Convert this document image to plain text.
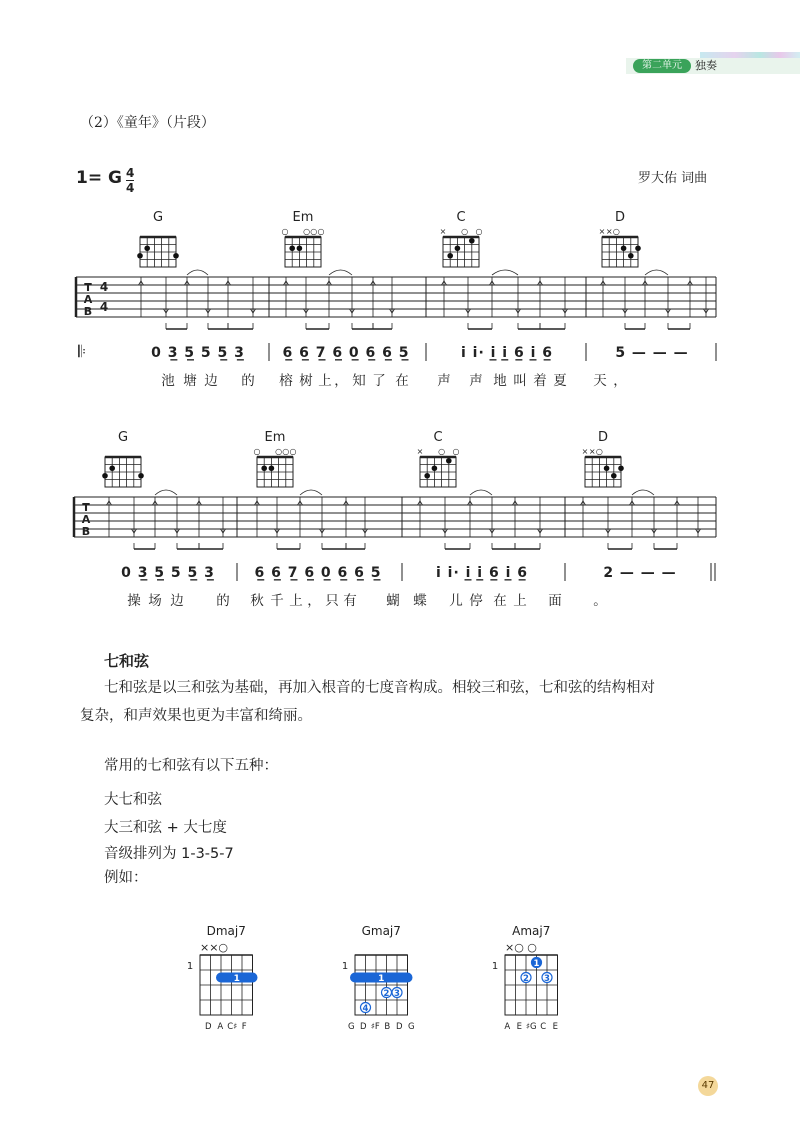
第二单元	独奏
（2）《童年》（片段）
1= G 4
4
罗大佑 词曲
G	Em
○ ○ ○ ○
C
× ○ ○
D
× × ○
T
A
B
4
4
𝄆	0 3̲ 5̲ 5 5̲ 3̲	6̲ 6̲ 7̲ 6̲ 0̲ 6̲ 6̲ 5̲	i i· i̲ i̲ 6̲ i̲ 6̲	5 — — —
池 塘 边 的 榕 树 上 ， 知 了 在 声 声 地 叫 着 夏 天 ，
G	Em
○ ○ ○ ○
C
× ○ ○
D
× × ○
T
A
B
0 3̲ 5̲ 5 5̲ 3̲	6̲ 6̲ 7̲ 6̲ 0̲ 6̲ 6̲ 5̲	i i· i̲ i̲ 6̲ i̲ 6̲	2 — — —
操 场 边 的 秋 千 上 ， 只 有 蝴 蝶 儿 停 在 上 面 。
七和弦
七和弦是以三和弦为基础，再加入根音的七度音构成。相较三和弦，七和弦的结构相对
复杂，和声效果也更为丰富和绮丽。
常用的七和弦有以下五种：
大七和弦
大三和弦 + 大七度
音级排列为 1-3-5-7
例如：
Dmaj7
××○
1
1
D A C♯ F
Gmaj7
1
1
2 3
4
G D ♯F B D G
Amaj7
×○ ○
1	1
2 3
A E ♯G C E
47
